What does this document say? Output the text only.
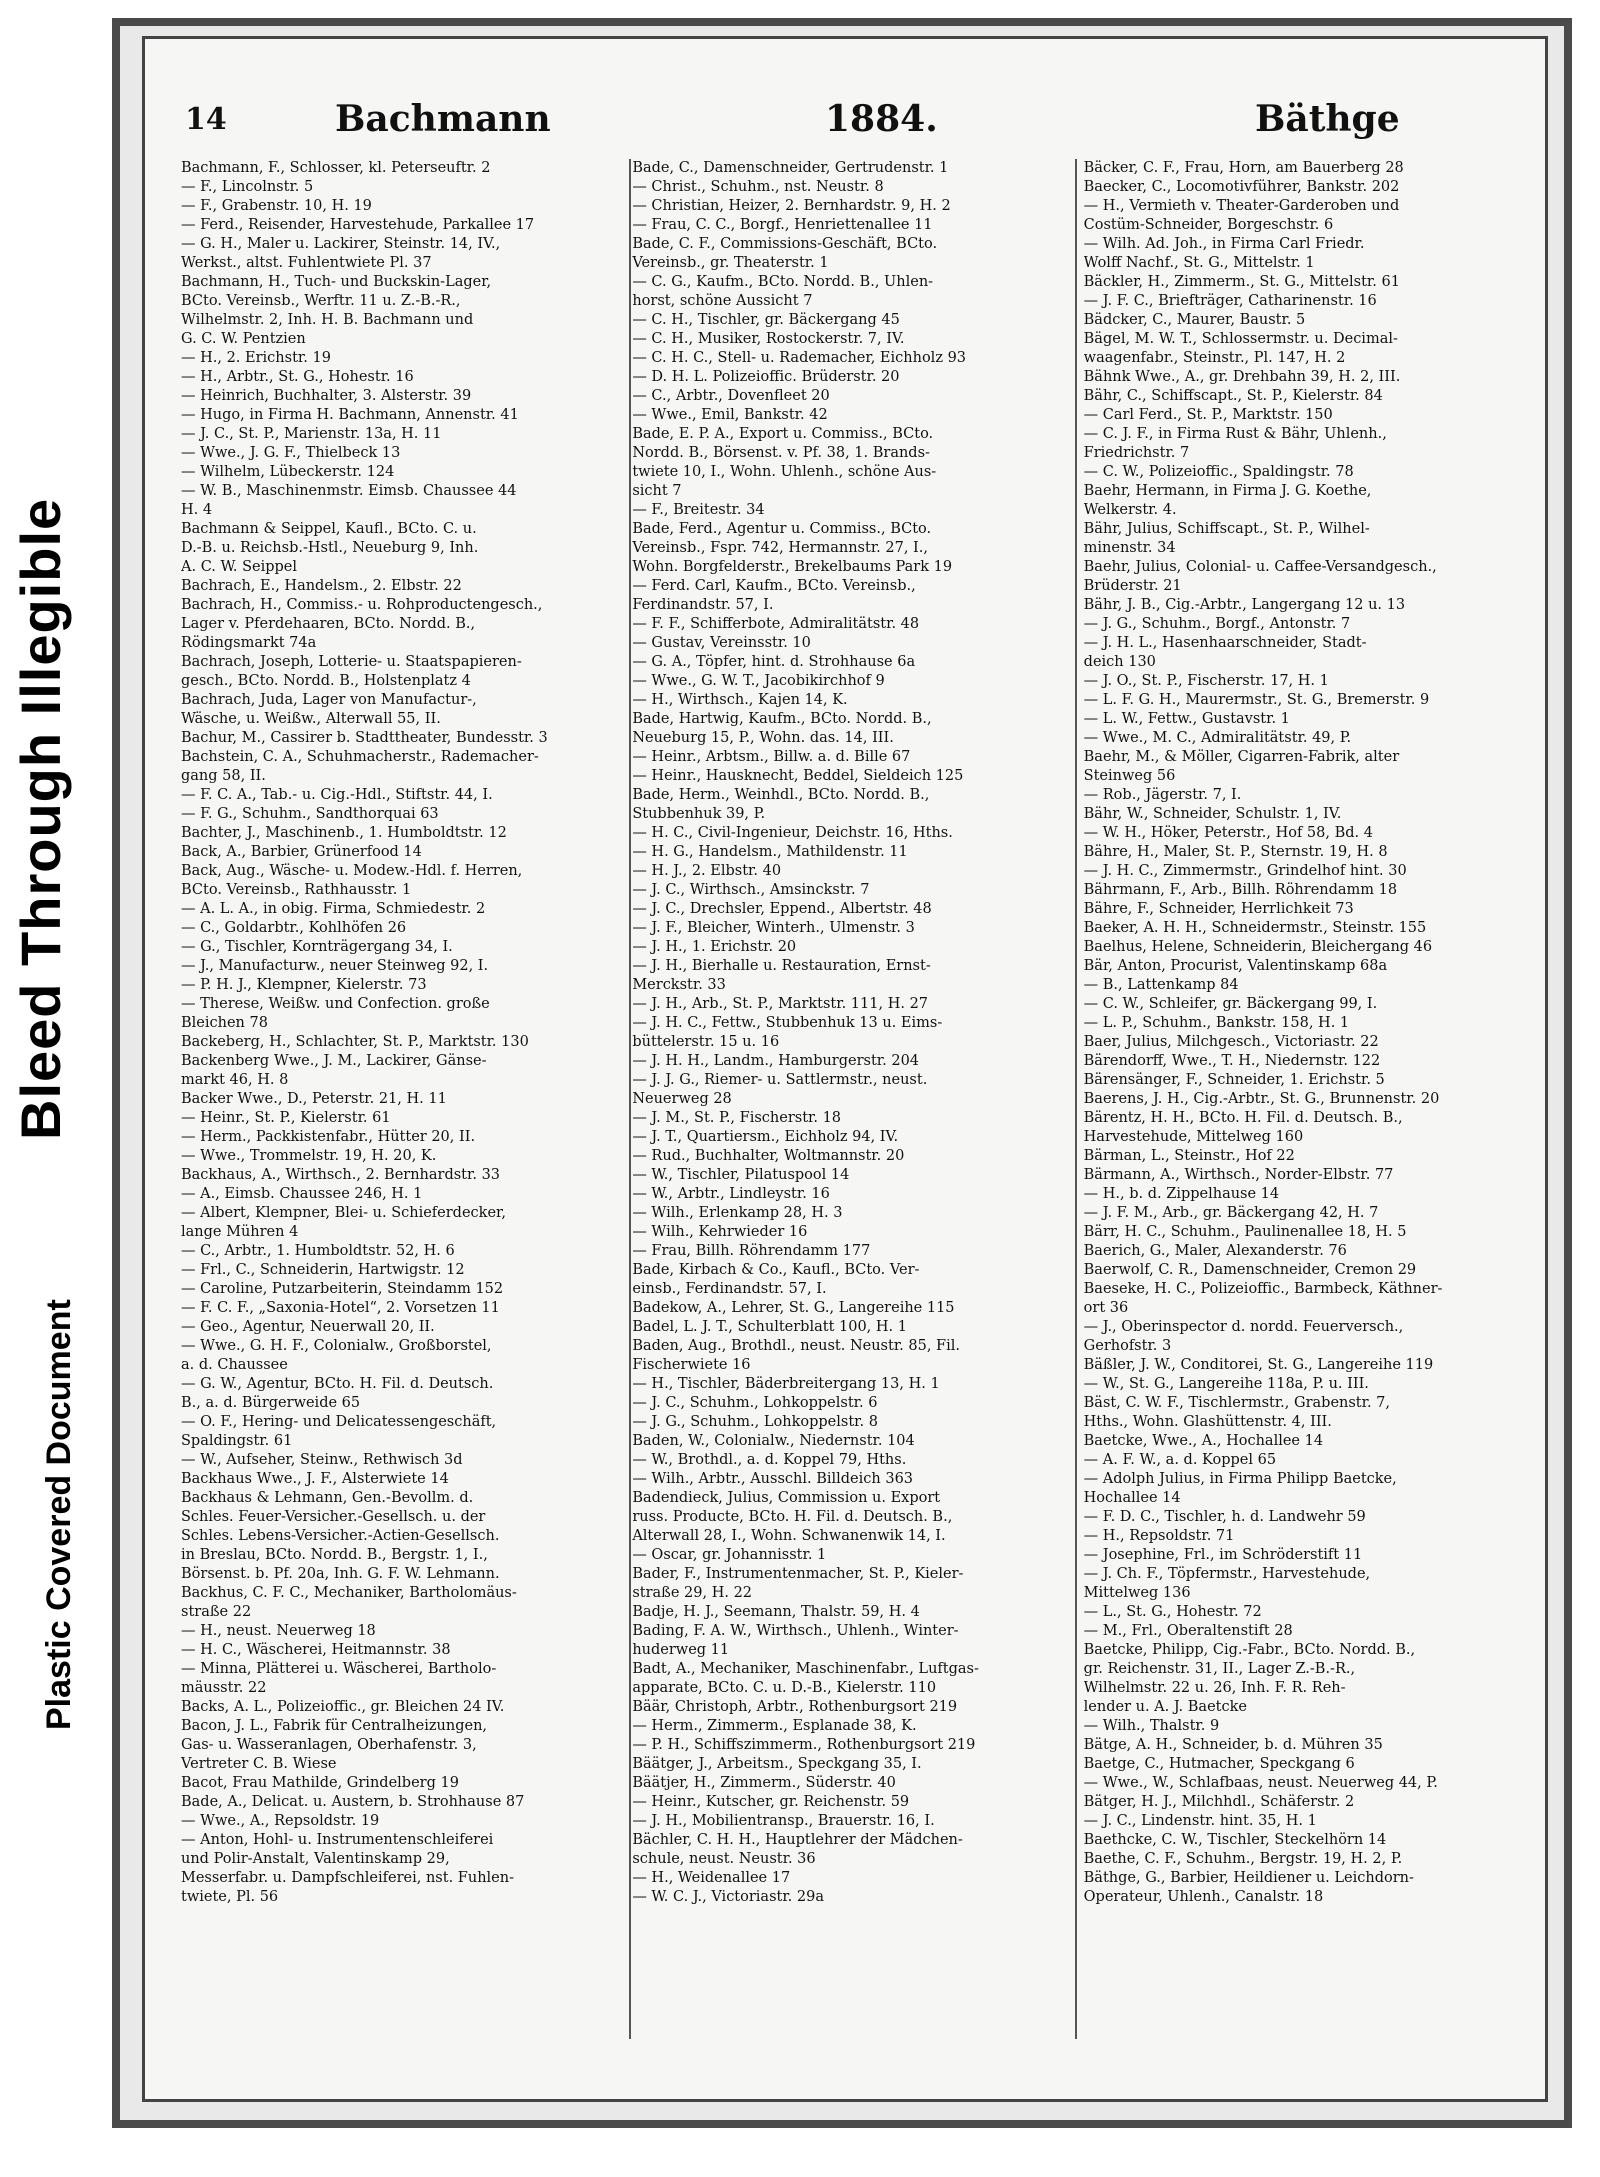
Bleed Through Illegible
Plastic Covered Document
14	Bachmann	1884.	Bäthge

Bachmann, F., Schlosser, kl. Peterseuftr. 2

— F., Lincolnstr. 5

— F., Grabenstr. 10, H. 19

— Ferd., Reisender, Harvestehude, Parkallee 17

— G. H., Maler u. Lackirer, Steinstr. 14, IV.,

Werkst., altst. Fuhlentwiete Pl. 37

Bachmann, H., Tuch- und Buckskin-Lager,

BCto. Vereinsb., Werftr. 11 u. Z.-B.-R.,

Wilhelmstr. 2, Inh. H. B. Bachmann und

G. C. W. Pentzien

— H., 2. Erichstr. 19

— H., Arbtr., St. G., Hohestr. 16

— Heinrich, Buchhalter, 3. Alsterstr. 39

— Hugo, in Firma H. Bachmann, Annenstr. 41

— J. C., St. P., Marienstr. 13a, H. 11

— Wwe., J. G. F., Thielbeck 13

— Wilhelm, Lübeckerstr. 124

— W. B., Maschinenmstr. Eimsb. Chaussee 44

H. 4

Bachmann & Seippel, Kaufl., BCto. C. u.

D.-B. u. Reichsb.-Hstl., Neueburg 9, Inh.

A. C. W. Seippel

Bachrach, E., Handelsm., 2. Elbstr. 22

Bachrach, H., Commiss.- u. Rohproductengesch.,

Lager v. Pferdehaaren, BCto. Nordd. B.,

Rödingsmarkt 74a

Bachrach, Joseph, Lotterie- u. Staatspapieren-

gesch., BCto. Nordd. B., Holstenplatz 4

Bachrach, Juda, Lager von Manufactur-,

Wäsche, u. Weißw., Alterwall 55, II.

Bachur, M., Cassirer b. Stadttheater, Bundesstr. 3

Bachstein, C. A., Schuhmacherstr., Rademacher-

gang 58, II.

— F. C. A., Tab.- u. Cig.-Hdl., Stiftstr. 44, I.

— F. G., Schuhm., Sandthorquai 63

Bachter, J., Maschinenb., 1. Humboldtstr. 12

Back, A., Barbier, Grünerfood 14

Back, Aug., Wäsche- u. Modew.-Hdl. f. Herren,

BCto. Vereinsb., Rathhausstr. 1

— A. L. A., in obig. Firma, Schmiedestr. 2

— C., Goldarbtr., Kohlhöfen 26

— G., Tischler, Kornträgergang 34, I.

— J., Manufacturw., neuer Steinweg 92, I.

— P. H. J., Klempner, Kielerstr. 73

— Therese, Weißw. und Confection. große

Bleichen 78

Backeberg, H., Schlachter, St. P., Marktstr. 130

Backenberg Wwe., J. M., Lackirer, Gänse-

markt 46, H. 8

Backer Wwe., D., Peterstr. 21, H. 11

— Heinr., St. P., Kielerstr. 61

— Herm., Packkistenfabr., Hütter 20, II.

— Wwe., Trommelstr. 19, H. 20, K.

Backhaus, A., Wirthsch., 2. Bernhardstr. 33

— A., Eimsb. Chaussee 246, H. 1

— Albert, Klempner, Blei- u. Schieferdecker,

lange Mühren 4

— C., Arbtr., 1. Humboldtstr. 52, H. 6

— Frl., C., Schneiderin, Hartwigstr. 12

— Caroline, Putzarbeiterin, Steindamm 152

— F. C. F., „Saxonia-Hotel“, 2. Vorsetzen 11

— Geo., Agentur, Neuerwall 20, II.

— Wwe., G. H. F., Colonialw., Großborstel,

a. d. Chaussee

— G. W., Agentur, BCto. H. Fil. d. Deutsch.

B., a. d. Bürgerweide 65

— O. F., Hering- und Delicatessengeschäft,

Spaldingstr. 61

— W., Aufseher, Steinw., Rethwisch 3d

Backhaus Wwe., J. F., Alsterwiete 14

Backhaus & Lehmann, Gen.-Bevollm. d.

Schles. Feuer-Versicher.-Gesellsch. u. der

Schles. Lebens-Versicher.-Actien-Gesellsch.

in Breslau, BCto. Nordd. B., Bergstr. 1, I.,

Börsenst. b. Pf. 20a, Inh. G. F. W. Lehmann.

Backhus, C. F. C., Mechaniker, Bartholomäus-

straße 22

— H., neust. Neuerweg 18

— H. C., Wäscherei, Heitmannstr. 38

— Minna, Plätterei u. Wäscherei, Bartholo-

mäusstr. 22

Backs, A. L., Polizeioffic., gr. Bleichen 24 IV.

Bacon, J. L., Fabrik für Centralheizungen,

Gas- u. Wasseranlagen, Oberhafenstr. 3,

Vertreter C. B. Wiese

Bacot, Frau Mathilde, Grindelberg 19

Bade, A., Delicat. u. Austern, b. Strohhause 87

— Wwe., A., Repsoldstr. 19

— Anton, Hohl- u. Instrumentenschleiferei

und Polir-Anstalt, Valentinskamp 29,

Messerfabr. u. Dampfschleiferei, nst. Fuhlen-

twiete, Pl. 56

Bade, C., Damenschneider, Gertrudenstr. 1

— Christ., Schuhm., nst. Neustr. 8

— Christian, Heizer, 2. Bernhardstr. 9, H. 2

— Frau, C. C., Borgf., Henriettenallee 11

Bade, C. F., Commissions-Geschäft, BCto.

Vereinsb., gr. Theaterstr. 1

— C. G., Kaufm., BCto. Nordd. B., Uhlen-

horst, schöne Aussicht 7

— C. H., Tischler, gr. Bäckergang 45

— C. H., Musiker, Rostockerstr. 7, IV.

— C. H. C., Stell- u. Rademacher, Eichholz 93

— D. H. L. Polizeioffic. Brüderstr. 20

— C., Arbtr., Dovenfleet 20

— Wwe., Emil, Bankstr. 42

Bade, E. P. A., Export u. Commiss., BCto.

Nordd. B., Börsenst. v. Pf. 38, 1. Brands-

twiete 10, I., Wohn. Uhlenh., schöne Aus-

sicht 7

— F., Breitestr. 34

Bade, Ferd., Agentur u. Commiss., BCto.

Vereinsb., Fspr. 742, Hermannstr. 27, I.,

Wohn. Borgfelderstr., Brekelbaums Park 19

— Ferd. Carl, Kaufm., BCto. Vereinsb.,

Ferdinandstr. 57, I.

— F. F., Schifferbote, Admiralitätstr. 48

— Gustav, Vereinsstr. 10

— G. A., Töpfer, hint. d. Strohhause 6a

— Wwe., G. W. T., Jacobikirchhof 9

— H., Wirthsch., Kajen 14, K.

Bade, Hartwig, Kaufm., BCto. Nordd. B.,

Neueburg 15, P., Wohn. das. 14, III.

— Heinr., Arbtsm., Billw. a. d. Bille 67

— Heinr., Hausknecht, Beddel, Sieldeich 125

Bade, Herm., Weinhdl., BCto. Nordd. B.,

Stubbenhuk 39, P.

— H. C., Civil-Ingenieur, Deichstr. 16, Hths.

— H. G., Handelsm., Mathildenstr. 11

— H. J., 2. Elbstr. 40

— J. C., Wirthsch., Amsinckstr. 7

— J. C., Drechsler, Eppend., Albertstr. 48

— J. F., Bleicher, Winterh., Ulmenstr. 3

— J. H., 1. Erichstr. 20

— J. H., Bierhalle u. Restauration, Ernst-

Merckstr. 33

— J. H., Arb., St. P., Marktstr. 111, H. 27

— J. H. C., Fettw., Stubbenhuk 13 u. Eims-

büttelerstr. 15 u. 16

— J. H. H., Landm., Hamburgerstr. 204

— J. J. G., Riemer- u. Sattlermstr., neust.

Neuerweg 28

— J. M., St. P., Fischerstr. 18

— J. T., Quartiersm., Eichholz 94, IV.

— Rud., Buchhalter, Woltmannstr. 20

— W., Tischler, Pilatuspool 14

— W., Arbtr., Lindleystr. 16

— Wilh., Erlenkamp 28, H. 3

— Wilh., Kehrwieder 16

— Frau, Billh. Röhrendamm 177

Bade, Kirbach & Co., Kaufl., BCto. Ver-

einsb., Ferdinandstr. 57, I.

Badekow, A., Lehrer, St. G., Langereihe 115

Badel, L. J. T., Schulterblatt 100, H. 1

Baden, Aug., Brothdl., neust. Neustr. 85, Fil.

Fischerwiete 16

— H., Tischler, Bäderbreitergang 13, H. 1

— J. C., Schuhm., Lohkoppelstr. 6

— J. G., Schuhm., Lohkoppelstr. 8

Baden, W., Colonialw., Niedernstr. 104

— W., Brothdl., a. d. Koppel 79, Hths.

— Wilh., Arbtr., Ausschl. Billdeich 363

Badendieck, Julius, Commission u. Export

russ. Producte, BCto. H. Fil. d. Deutsch. B.,

Alterwall 28, I., Wohn. Schwanenwik 14, I.

— Oscar, gr. Johannisstr. 1

Bader, F., Instrumentenmacher, St. P., Kieler-

straße 29, H. 22

Badje, H. J., Seemann, Thalstr. 59, H. 4

Bading, F. A. W., Wirthsch., Uhlenh., Winter-

huderweg 11

Badt, A., Mechaniker, Maschinenfabr., Luftgas-

apparate, BCto. C. u. D.-B., Kielerstr. 110

Bäär, Christoph, Arbtr., Rothenburgsort 219

— Herm., Zimmerm., Esplanade 38, K.

— P. H., Schiffszimmerm., Rothenburgsort 219

Bäätger, J., Arbeitsm., Speckgang 35, I.

Bäätjer, H., Zimmerm., Süderstr. 40

— Heinr., Kutscher, gr. Reichenstr. 59

— J. H., Mobilientransp., Brauerstr. 16, I.

Bächler, C. H. H., Hauptlehrer der Mädchen-

schule, neust. Neustr. 36

— H., Weidenallee 17

— W. C. J., Victoriastr. 29a

Bäcker, C. F., Frau, Horn, am Bauerberg 28

Baecker, C., Locomotivführer, Bankstr. 202

— H., Vermieth v. Theater-Garderoben und

Costüm-Schneider, Borgeschstr. 6

— Wilh. Ad. Joh., in Firma Carl Friedr.

Wolff Nachf., St. G., Mittelstr. 1

Bäckler, H., Zimmerm., St. G., Mittelstr. 61

— J. F. C., Briefträger, Catharinenstr. 16

Bädcker, C., Maurer, Baustr. 5

Bägel, M. W. T., Schlossermstr. u. Decimal-

waagenfabr., Steinstr., Pl. 147, H. 2

Bähnk Wwe., A., gr. Drehbahn 39, H. 2, III.

Bähr, C., Schiffscapt., St. P., Kielerstr. 84

— Carl Ferd., St. P., Marktstr. 150

— C. J. F., in Firma Rust & Bähr, Uhlenh.,

Friedrichstr. 7

— C. W., Polizeioffic., Spaldingstr. 78

Baehr, Hermann, in Firma J. G. Koethe,

Welkerstr. 4.

Bähr, Julius, Schiffscapt., St. P., Wilhel-

minenstr. 34

Baehr, Julius, Colonial- u. Caffee-Versandgesch.,

Brüderstr. 21

Bähr, J. B., Cig.-Arbtr., Langergang 12 u. 13

— J. G., Schuhm., Borgf., Antonstr. 7

— J. H. L., Hasenhaarschneider, Stadt-

deich 130

— J. O., St. P., Fischerstr. 17, H. 1

— L. F. G. H., Maurermstr., St. G., Bremerstr. 9

— L. W., Fettw., Gustavstr. 1

— Wwe., M. C., Admiralitätstr. 49, P.

Baehr, M., & Möller, Cigarren-Fabrik, alter

Steinweg 56

— Rob., Jägerstr. 7, I.

Bähr, W., Schneider, Schulstr. 1, IV.

— W. H., Höker, Peterstr., Hof 58, Bd. 4

Bähre, H., Maler, St. P., Sternstr. 19, H. 8

— J. H. C., Zimmermstr., Grindelhof hint. 30

Bährmann, F., Arb., Billh. Röhrendamm 18

Bähre, F., Schneider, Herrlichkeit 73

Baeker, A. H. H., Schneidermstr., Steinstr. 155

Baelhus, Helene, Schneiderin, Bleichergang 46

Bär, Anton, Procurist, Valentinskamp 68a

— B., Lattenkamp 84

— C. W., Schleifer, gr. Bäckergang 99, I.

— L. P., Schuhm., Bankstr. 158, H. 1

Baer, Julius, Milchgesch., Victoriastr. 22

Bärendorff, Wwe., T. H., Niedernstr. 122

Bärensänger, F., Schneider, 1. Erichstr. 5

Baerens, J. H., Cig.-Arbtr., St. G., Brunnenstr. 20

Bärentz, H. H., BCto. H. Fil. d. Deutsch. B.,

Harvestehude, Mittelweg 160

Bärman, L., Steinstr., Hof 22

Bärmann, A., Wirthsch., Norder-Elbstr. 77

— H., b. d. Zippelhause 14

— J. F. M., Arb., gr. Bäckergang 42, H. 7

Bärr, H. C., Schuhm., Paulinenallee 18, H. 5

Baerich, G., Maler, Alexanderstr. 76

Baerwolf, C. R., Damenschneider, Cremon 29

Baeseke, H. C., Polizeioffic., Barmbeck, Käthner-

ort 36

— J., Oberinspector d. nordd. Feuerversch.,

Gerhofstr. 3

Bäßler, J. W., Conditorei, St. G., Langereihe 119

— W., St. G., Langereihe 118a, P. u. III.

Bäst, C. W. F., Tischlermstr., Grabenstr. 7,

Hths., Wohn. Glashüttenstr. 4, III.

Baetcke, Wwe., A., Hochallee 14

— A. F. W., a. d. Koppel 65

— Adolph Julius, in Firma Philipp Baetcke,

Hochallee 14

— F. D. C., Tischler, h. d. Landwehr 59

— H., Repsoldstr. 71

— Josephine, Frl., im Schröderstift 11

— J. Ch. F., Töpfermstr., Harvestehude,

Mittelweg 136

— L., St. G., Hohestr. 72

— M., Frl., Oberaltenstift 28

Baetcke, Philipp, Cig.-Fabr., BCto. Nordd. B.,

gr. Reichenstr. 31, II., Lager Z.-B.-R.,

Wilhelmstr. 22 u. 26, Inh. F. R. Reh-

lender u. A. J. Baetcke

— Wilh., Thalstr. 9

Bätge, A. H., Schneider, b. d. Mühren 35

Baetge, C., Hutmacher, Speckgang 6

— Wwe., W., Schlafbaas, neust. Neuerweg 44, P.

Bätger, H. J., Milchhdl., Schäferstr. 2

— J. C., Lindenstr. hint. 35, H. 1

Baethcke, C. W., Tischler, Steckelhörn 14

Baethe, C. F., Schuhm., Bergstr. 19, H. 2, P.

Bäthge, G., Barbier, Heildiener u. Leichdorn-

Operateur, Uhlenh., Canalstr. 18
